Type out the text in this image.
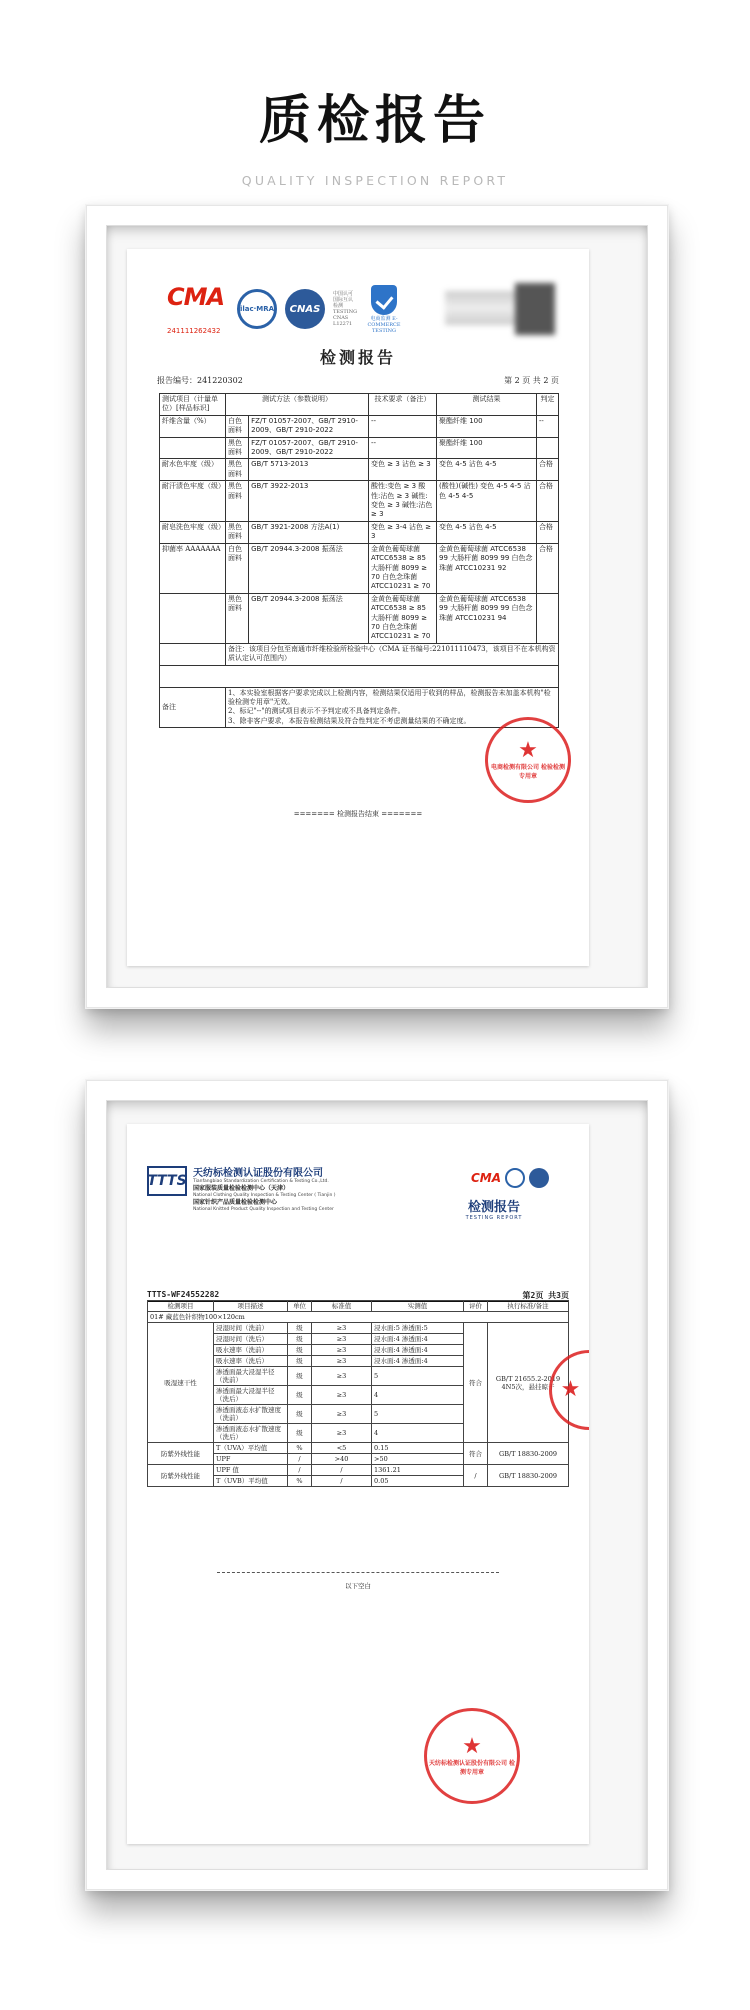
质检报告
QUALITY INSPECTION REPORT
CMA
241111262432
ilac·MRA	CNAS
中国认可 国际互认 检测 TESTING CNAS L12271
电商监测 E-COMMERCE TESTING
检测报告
报告编号：241220302	第 2 页 共 2 页
测试项目（计量单位）[样品标识]	测试方法（参数说明）		技术要求（备注）	测试结果	判定
纤维含量（%）	白色面料	FZ/T 01057-2007、GB/T 2910-2009、GB/T 2910-2022	--	聚酯纤维 100	--
	黑色面料	FZ/T 01057-2007、GB/T 2910-2009、GB/T 2910-2022	--	聚酯纤维 100	
耐水色牢度（级）	黑色面料	GB/T 5713-2013	变色 ≥ 3 沾色 ≥ 3	变色 4-5 沾色 4-5	合格
耐汗渍色牢度（级）	黑色面料	GB/T 3922-2013	酸性:变色 ≥ 3 酸性:沾色 ≥ 3 碱性:变色 ≥ 3 碱性:沾色 ≥ 3	(酸性)(碱性) 变色 4-5 4-5 沾色 4-5 4-5	合格
耐皂洗色牢度（级）	黑色面料	GB/T 3921-2008 方法A(1)	变色 ≥ 3-4 沾色 ≥ 3	变色 4-5 沾色 4-5	合格
抑菌率 AAAAAAA	白色面料	GB/T 20944.3-2008 振荡法	金黄色葡萄球菌 ATCC6538 ≥ 85 大肠杆菌 8099 ≥ 70 白色念珠菌 ATCC10231 ≥ 70	金黄色葡萄球菌 ATCC6538 99 大肠杆菌 8099 99 白色念珠菌 ATCC10231 92	合格
	黑色面料	GB/T 20944.3-2008 振荡法	金黄色葡萄球菌 ATCC6538 ≥ 85 大肠杆菌 8099 ≥ 70 白色念珠菌 ATCC10231 ≥ 70	金黄色葡萄球菌 ATCC6538 99 大肠杆菌 8099 99 白色念珠菌 ATCC10231 94	
	备注：该项目分包至南通市纤维检验所检验中心（CMA 证书编号:221011110473，该项目不在本机构资质认定认可范围内）				

备注	1、本实验室根据客户要求完成以上检测内容，检测结果仅适用于收到的样品，检测报告未加盖本机构"检验检测专用章"无效。
2、标记"--"的测试项目表示不予判定或不具备判定条件。
3、除非客户要求，本报告检测结果及符合性判定不考虑测量结果的不确定度。				
======= 检测报告结束 =======
★
电商检测有限公司 检验检测专用章
TTTS 天纺标检测认证股份有限公司
Tianfangbiao Standardization Certification & Testing Co.,Ltd.
国家服装质量检验检测中心（天津）
National Clothing Quality Inspection & Testing Center ( Tianjin )
国家针织产品质量检验检测中心
National Knitted Product Quality Inspection and Testing Center
CMA
检测报告
TESTING REPORT
TTTS-WF24552282	第2页 共3页
检测项目	项目描述	单位	标准值	实测值	评价	执行标准/备注
01# 藏蓝色针织物100×120cm						
吸湿速干性	浸湿时间（洗前）	级	≥3	浸水面:5 渗透面:5	符合	GB/T 21655.2-2019 4N5次，悬挂晾干
	浸湿时间（洗后）	级	≥3	浸水面:4 渗透面:4		
	吸水速率（洗前）	级	≥3	浸水面:4 渗透面:4		
	吸水速率（洗后）	级	≥3	浸水面:4 渗透面:4		
	渗透面最大浸湿半径（洗前）	级	≥3	5		
	渗透面最大浸湿半径（洗后）	级	≥3	4		
	渗透面液态水扩散速度（洗前）	级	≥3	5		
	渗透面液态水扩散速度（洗后）	级	≥3	4		
防紫外线性能	T（UVA）平均值	%	<5	0.15	符合	GB/T 18830-2009
	UPF	/	>40	>50		
防紫外线性能	UPF 值	/	/	1361.21	/	GB/T 18830-2009
	T（UVB）平均值	%	/	0.05		
以下空白
★
天纺标检测认证股份有限公司 检测专用章
★
